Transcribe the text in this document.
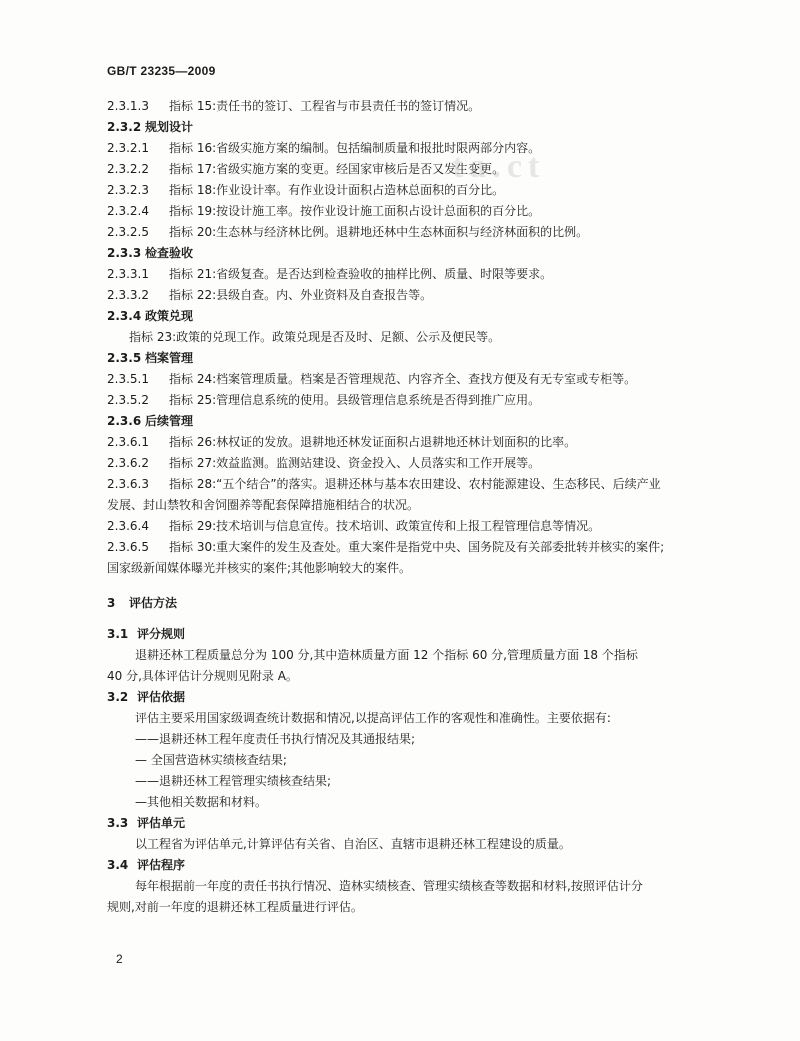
GB/T 23235—2009
ta.ct
2.3.1.3 指标 15:责任书的签订、工程省与市县责任书的签订情况。
2.3.2 规划设计
2.3.2.1 指标 16:省级实施方案的编制。包括编制质量和报批时限两部分内容。
2.3.2.2 指标 17:省级实施方案的变更。经国家审核后是否又发生变更。
2.3.2.3 指标 18:作业设计率。有作业设计面积占造林总面积的百分比。
2.3.2.4 指标 19:按设计施工率。按作业设计施工面积占设计总面积的百分比。
2.3.2.5 指标 20:生态林与经济林比例。退耕地还林中生态林面积与经济林面积的比例。
2.3.3 检查验收
2.3.3.1 指标 21:省级复查。是否达到检查验收的抽样比例、质量、时限等要求。
2.3.3.2 指标 22:县级自查。内、外业资料及自查报告等。
2.3.4 政策兑现
指标 23:政策的兑现工作。政策兑现是否及时、足额、公示及便民等。
2.3.5 档案管理
2.3.5.1 指标 24:档案管理质量。档案是否管理规范、内容齐全、查找方便及有无专室或专柜等。
2.3.5.2 指标 25:管理信息系统的使用。县级管理信息系统是否得到推广应用。
2.3.6 后续管理
2.3.6.1 指标 26:林权证的发放。退耕地还林发证面积占退耕地还林计划面积的比率。
2.3.6.2 指标 27:效益监测。监测站建设、资金投入、人员落实和工作开展等。
2.3.6.3 指标 28:“五个结合”的落实。退耕还林与基本农田建设、农村能源建设、生态移民、后续产业
发展、封山禁牧和舍饲圈养等配套保障措施相结合的状况。
2.3.6.4 指标 29:技术培训与信息宣传。技术培训、政策宣传和上报工程管理信息等情况。
2.3.6.5 指标 30:重大案件的发生及查处。重大案件是指党中央、国务院及有关部委批转并核实的案件;
国家级新闻媒体曝光并核实的案件;其他影响较大的案件。
3 评估方法
3.1 评分规则
退耕还林工程质量总分为 100 分,其中造林质量方面 12 个指标 60 分,管理质量方面 18 个指标
40 分,具体评估计分规则见附录 A。
3.2 评估依据
评估主要采用国家级调查统计数据和情况,以提高评估工作的客观性和准确性。主要依据有:
——退耕还林工程年度责任书执行情况及其通报结果;
— 全国营造林实绩核查结果;
——退耕还林工程管理实绩核查结果;
—其他相关数据和材料。
3.3 评估单元
以工程省为评估单元,计算评估有关省、自治区、直辖市退耕还林工程建设的质量。
3.4 评估程序
每年根据前一年度的责任书执行情况、造林实绩核查、管理实绩核查等数据和材料,按照评估计分
规则,对前一年度的退耕还林工程质量进行评估。
2
